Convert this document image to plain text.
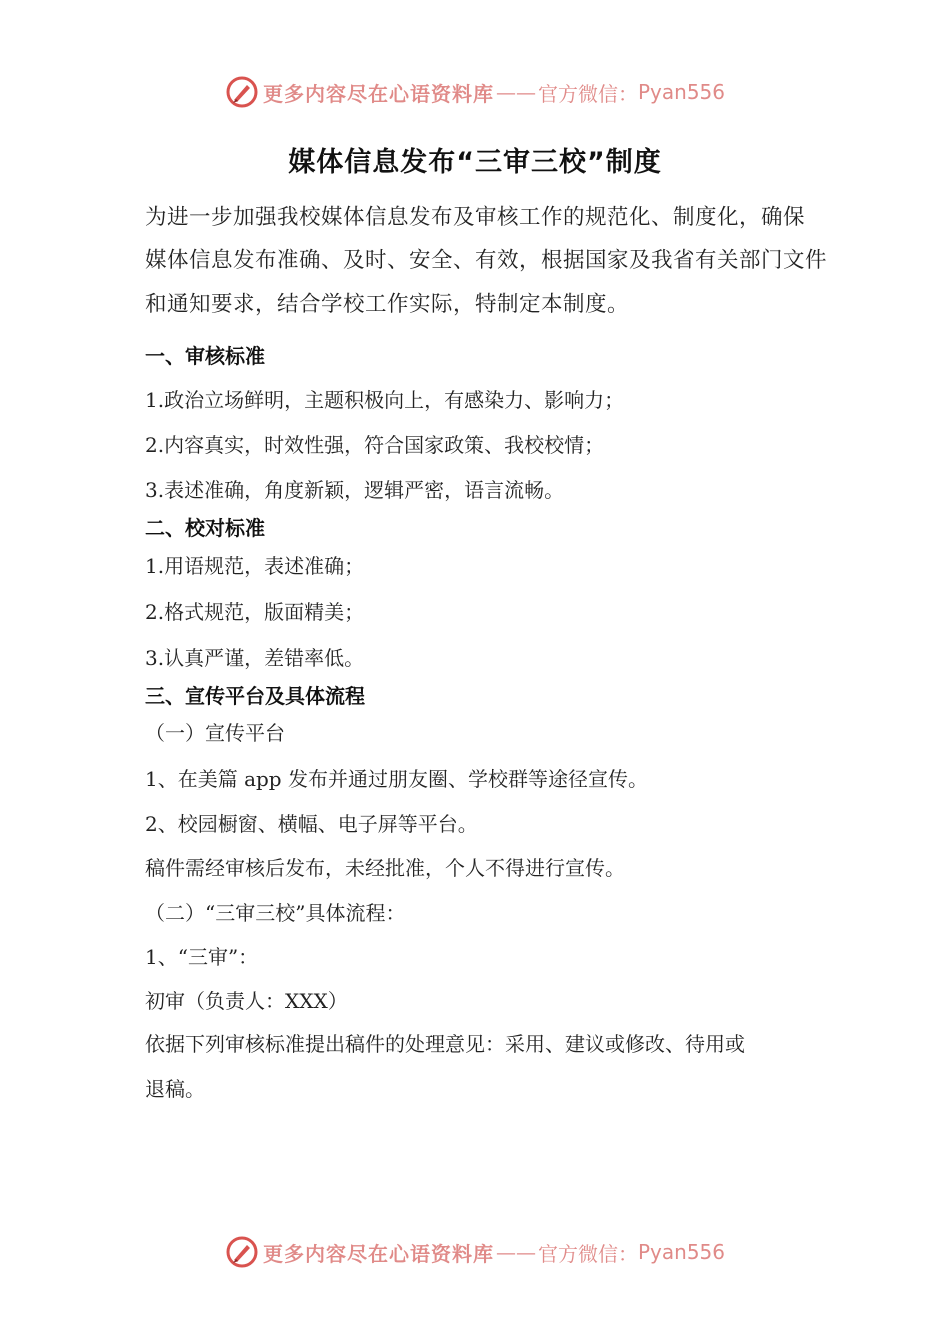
更多内容尽在心语资料库 —— 官方微信： Pyan556
媒体信息发布“三审三校”制度
为进一步加强我校媒体信息发布及审核工作的规范化、制度化，确保
媒体信息发布准确、及时、安全、有效，根据国家及我省有关部门文件
和通知要求，结合学校工作实际，特制定本制度。
一、审核标准
1.政治立场鲜明，主题积极向上，有感染力、影响力；
2.内容真实，时效性强，符合国家政策、我校校情；
3.表述准确，角度新颖，逻辑严密，语言流畅。
二、校对标准
1.用语规范，表述准确；
2.格式规范，版面精美；
3.认真严谨，差错率低。
三、宣传平台及具体流程
（一）宣传平台
1、在美篇 app 发布并通过朋友圈、学校群等途径宣传。
2、校园橱窗、横幅、电子屏等平台。
稿件需经审核后发布，未经批准，个人不得进行宣传。
（二）“三审三校”具体流程：
1、“三审”：
初审（负责人：XXX）
依据下列审核标准提出稿件的处理意见：采用、建议或修改、待用或
退稿。
更多内容尽在心语资料库 —— 官方微信： Pyan556
